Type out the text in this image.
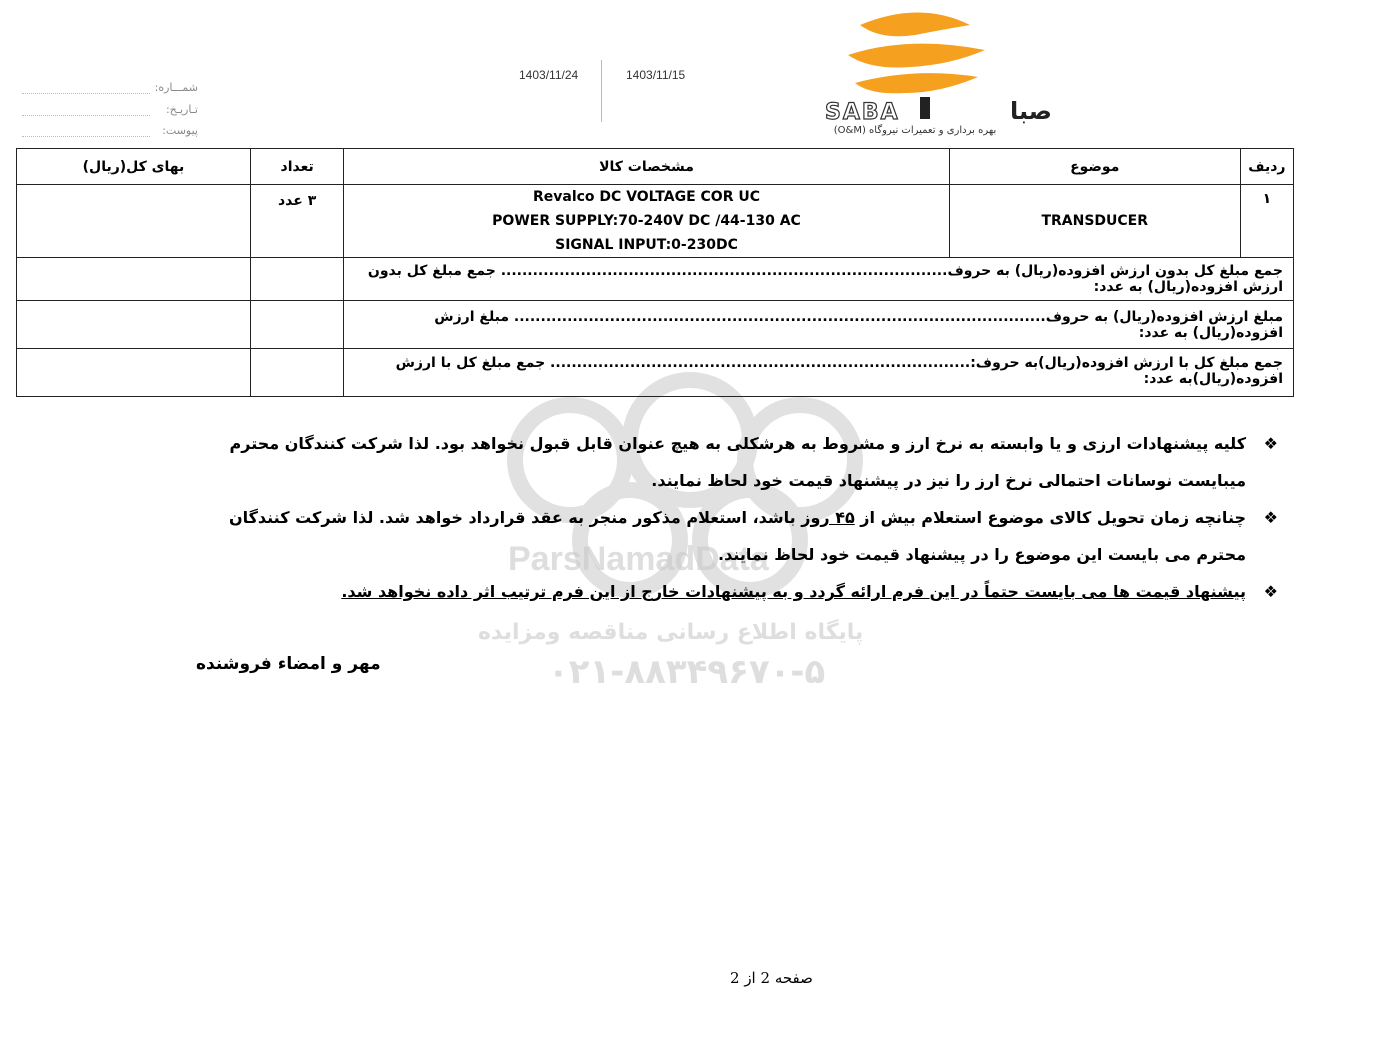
ParsNamadData
پایگاه اطلاع رسانی مناقصه ومزایده
۰۲۱-۸۸۳۴۹۶۷۰-۵
شمـــاره:
تـاریـخ:
پیوست:
1403/11/24	1403/11/15
SABA	صبا
بهره برداری و تعمیرات نیروگاه (O&M)
ردیف	موضوع	مشخصات کالا	تعداد	بهای کل(ریال)
۱	TRANSDUCER	Revalco DC VOLTAGE COR UC
POWER SUPPLY:70-240V DC /44-130 AC
SIGNAL INPUT:0-230DC	۳ عدد	
جمع مبلغ کل بدون ارزش افزوده(ریال) به حروف.................................................................................... جمع مبلغ کل بدون ارزش افزوده(ریال) به عدد:				
مبلغ ارزش افزوده(ریال) به حروف.................................................................................................... مبلغ ارزش افزوده(ریال) به عدد:				
جمع مبلغ کل با ارزش افزوده(ریال)به حروف:............................................................................... جمع مبلغ کل با ارزش افزوده(ریال)به عدد:				
❖
کلیه پیشنهادات ارزی و یا وابسته به نرخ ارز و مشروط به هرشکلی به هیچ عنوان قابل قبول نخواهد بود. لذا شرکت کنندگان محترم میبایست نوسانات احتمالی نرخ ارز را نیز در پیشنهاد قیمت خود لحاظ نمایند.
❖
چنانچه زمان تحویل کالای موضوع استعلام بیش از ۴۵ روز باشد، استعلام مذکور منجر به عقد قرارداد خواهد شد. لذا شرکت کنندگان محترم می بایست این موضوع را در پیشنهاد قیمت خود لحاظ نمایند.
❖
پیشنهاد قیمت ها می بایست حتماً در این فرم ارائه گردد و به پیشنهادات خارج از این فرم ترتیب اثر داده نخواهد شد.
مهر و امضاء فروشنده
صفحه 2 از 2
